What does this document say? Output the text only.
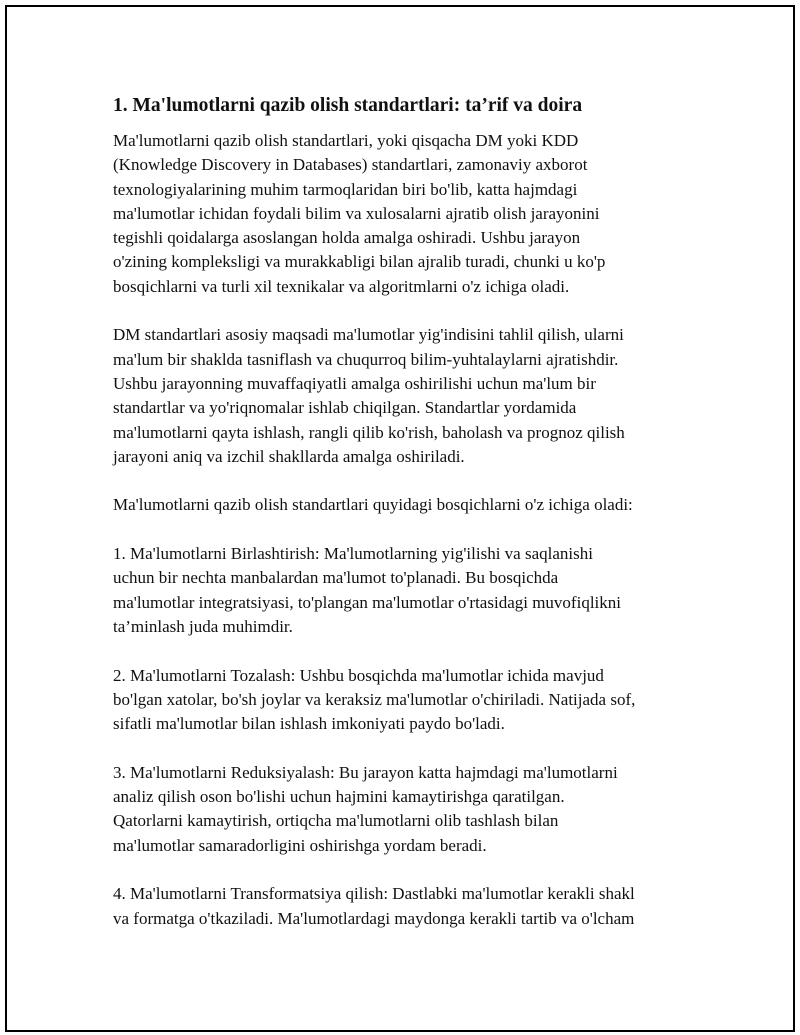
1. Ma'lumotlarni qazib olish standartlari: ta’rif va doira
Ma'lumotlarni qazib olish standartlari, yoki qisqacha DM yoki KDD
(Knowledge Discovery in Databases) standartlari, zamonaviy axborot
texnologiyalarining muhim tarmoqlaridan biri bo'lib, katta hajmdagi
ma'lumotlar ichidan foydali bilim va xulosalarni ajratib olish jarayonini
tegishli qoidalarga asoslangan holda amalga oshiradi. Ushbu jarayon
o'zining kompleksligi va murakkabligi bilan ajralib turadi, chunki u ko'p
bosqichlarni va turli xil texnikalar va algoritmlarni o'z ichiga oladi.
DM standartlari asosiy maqsadi ma'lumotlar yig'indisini tahlil qilish, ularni
ma'lum bir shaklda tasniflash va chuqurroq bilim-yuhtalaylarni ajratishdir.
Ushbu jarayonning muvaffaqiyatli amalga oshirilishi uchun ma'lum bir
standartlar va yo'riqnomalar ishlab chiqilgan. Standartlar yordamida
ma'lumotlarni qayta ishlash, rangli qilib ko'rish, baholash va prognoz qilish
jarayoni aniq va izchil shakllarda amalga oshiriladi.
Ma'lumotlarni qazib olish standartlari quyidagi bosqichlarni o'z ichiga oladi:
1. Ma'lumotlarni Birlashtirish: Ma'lumotlarning yig'ilishi va saqlanishi
uchun bir nechta manbalardan ma'lumot to'planadi. Bu bosqichda
ma'lumotlar integratsiyasi, to'plangan ma'lumotlar o'rtasidagi muvofiqlikni
ta’minlash juda muhimdir.
2. Ma'lumotlarni Tozalash: Ushbu bosqichda ma'lumotlar ichida mavjud
bo'lgan xatolar, bo'sh joylar va keraksiz ma'lumotlar o'chiriladi. Natijada sof,
sifatli ma'lumotlar bilan ishlash imkoniyati paydo bo'ladi.
3. Ma'lumotlarni Reduksiyalash: Bu jarayon katta hajmdagi ma'lumotlarni
analiz qilish oson bo'lishi uchun hajmini kamaytirishga qaratilgan.
Qatorlarni kamaytirish, ortiqcha ma'lumotlarni olib tashlash bilan
ma'lumotlar samaradorligini oshirishga yordam beradi.
4. Ma'lumotlarni Transformatsiya qilish: Dastlabki ma'lumotlar kerakli shakl
va formatga o'tkaziladi. Ma'lumotlardagi maydonga kerakli tartib va o'lcham
